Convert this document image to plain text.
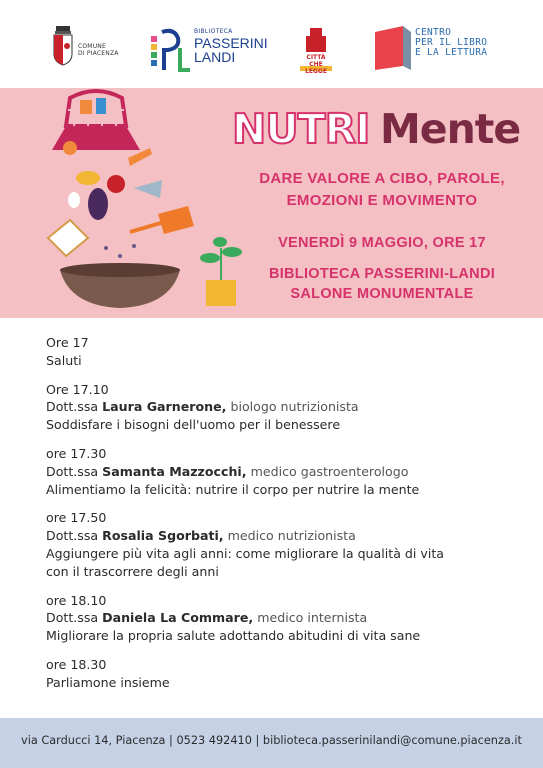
COMUNE
DI PIACENZA
BIBLIOTECA
PASSERINI
LANDI	CITTÀ
CHE LEGGE
CENTRO
PER IL LIBRO
E LA LETTURA
NUTRI Mente
DARE VALORE A CIBO, PAROLE,
EMOZIONI E MOVIMENTO
VENERDÌ 9 MAGGIO, ORE 17
BIBLIOTECA PASSERINI-LANDI
SALONE MONUMENTALE
Ore 17
Saluti
Ore 17.10
Dott.ssa Laura Garnerone, biologo nutrizionista
Soddisfare i bisogni dell'uomo per il benessere
ore 17.30
Dott.ssa Samanta Mazzocchi, medico gastroenterologo
Alimentiamo la felicità: nutrire il corpo per nutrire la mente
ore 17.50
Dott.ssa Rosalia Sgorbati, medico nutrizionista
Aggiungere più vita agli anni: come migliorare la qualità di vita
con il trascorrere degli anni
ore 18.10
Dott.ssa Daniela La Commare, medico internista
Migliorare la propria salute adottando abitudini di vita sane
ore 18.30
Parliamone insieme
via Carducci 14, Piacenza | 0523 492410 | biblioteca.passerinilandi@comune.piacenza.it
